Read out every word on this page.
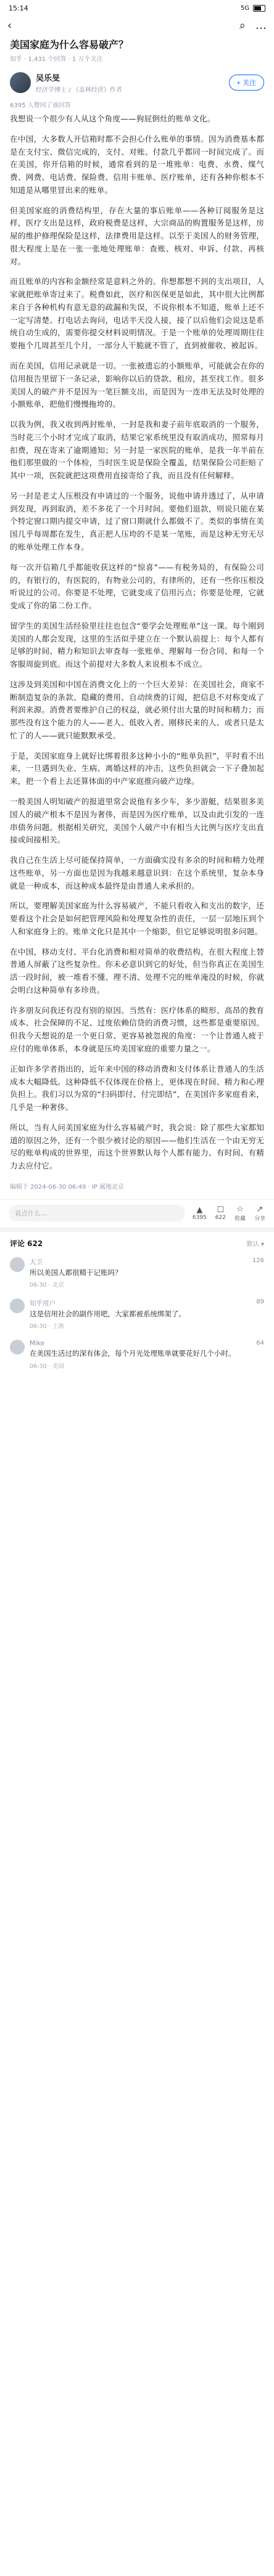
15:14	5G
‹	⌕ …
美国家庭为什么容易破产？
知乎 · 1,431 个回答 · 1 万个关注
吴乐旻
经济学博士 / 《盖林经济》作者
+ 关注
6395 人赞同了该回答

我想说一个很少有人从这个角度——狗屁倒灶的账单文化。

在中国，大多数人开信箱时都不会担心什么账单的事情。因为消费基本都是在支付宝、微信完成的，支付、对账、付款几乎都同一时间完成了。而在美国，你开信箱的时候，通常看到的是一堆账单：电费、水费、煤气费、网费、电话费、保险费、信用卡账单、医疗账单，还有各种你根本不知道是从哪里冒出来的账单。

但美国家庭的消费结构里，存在大量的事后账单——各种订阅服务是这样，医疗支出是这样，政府税费是这样，大宗商品的购置服务是这样，房屋的维护修理保险是这样，法律费用是这样。以至于美国人的财务管理，很大程度上是在一张一张地处理账单：查账、核对、申诉、付款、再核对。

而且账单的内容和金额经常是意料之外的。你想都想不到的支出项目，人家就把账单寄过来了。税费如此，医疗和医保更是如此，其中很大比例都来自于各种机构有意无意的疏漏和失误，不说你根本不知道，账单上还不一定写清楚。打电话去询问，电话半天没人接，接了以后他们会说这是系统自动生成的，需要你提交材料说明情况。于是一个账单的处理周期往往要拖个几周甚至几个月，一部分人干脆就不管了，直到被催收、被起诉。

而在美国，信用记录就是一切。一张被遗忘的小额账单，可能就会在你的信用报告里留下一条记录，影响你以后的贷款、租房，甚至找工作。很多美国人的破产并不是因为一笔巨额支出，而是因为一连串无法及时处理的小额账单，把他们慢慢拖垮的。

以我为例，我又收到两封账单，一封是我和妻子前年底取消的一个服务，当时花三个小时才完成了取消，结果它家系统里没有取消成功，照常每月扣费，现在寄来了逾期通知；另一封是一家医院的账单，是我一年半前在他们那里做的一个体检，当时医生说是保险全覆盖，结果保险公司拒赔了其中一项，医院就把这项费用直接寄给了我，而且没有任何解释。

另一封是老丈人压根没有申请过的一个服务，说他申请并透过了，从申请到发现，再到取消，差不多花了一个月时间。要他们退款，则说只能在某个特定窗口期内提交申请，过了窗口期就什么都做不了。类似的事情在美国几乎每周都在发生，真正把人压垮的不是某一笔账，而是这种无穷无尽的账单处理工作本身。

每一次开信箱几乎都能收获这样的“惊喜”——有税务局的，有保险公司的，有银行的，有医院的，有物业公司的，有律所的，还有一些你压根没听说过的公司。你要是不处理，它就变成了信用污点；你要是处理，它就变成了你的第二份工作。

留学生的美国生活经验里往往也包含“要学会处理账单”这一课。每个刚到美国的人都会发现，这里的生活似乎建立在一个默认前提上：每个人都有足够的时间、精力和知识去审查每一张账单、理解每一份合同、和每一个客服周旋到底。而这个前提对大多数人来说根本不成立。

这涉及到美国和中国在消费文化上的一个巨大差异：在美国社会，商家不断制造复杂的条款、隐藏的费用、自动续费的订阅，把信息不对称变成了利润来源。消费者要维护自己的权益，就必须付出大量的时间和精力；而那些没有这个能力的人——老人、低收入者、刚移民来的人、或者只是太忙了的人——就只能默默承受。

于是，美国家庭身上就好比绑着很多这种小小的“账单负担”，平时看不出来，一旦遇到失业、生病、离婚这样的冲击，这些负担就会一下子叠加起来，把一个看上去还算体面的中产家庭推向破产边缘。

一般美国人明知破产的报道里常会说他有多少车，多少游艇，结果很多美国人的破产根本不是因为奢侈，而是因为医疗账单，以及由此引发的一连串债务问题。根据相关研究，美国个人破产中有相当大比例与医疗支出直接或间接相关。

我自己在生活上尽可能保持简单，一方面确实没有多余的时间和精力处理这些账单，另一方面也是因为我越来越意识到：在这个系统里，复杂本身就是一种成本，而这种成本最终是由普通人来承担的。

所以，要理解美国家庭为什么容易破产，不能只看收入和支出的数字，还要看这个社会是如何把管理风险和处理复杂性的责任，一层一层地压到个人和家庭身上的。账单文化只是其中一个缩影，但它足够说明很多问题。

在中国，移动支付、平台化消费和相对简单的收费结构，在很大程度上替普通人屏蔽了这些复杂性。你未必意识到它的好处，但当你真正在美国生活一段时间，被一堆看不懂、理不清、处理不完的账单淹没的时候，你就会明白这种简单有多珍贵。

许多朋友问我还有没有别的原因。当然有：医疗体系的畸形、高昂的教育成本、社会保障的不足、过度依赖信贷的消费习惯，这些都是重要原因。但我今天想说的是一个更日常、更容易被忽视的角度：一个让普通人疲于应付的账单体系，本身就是压垮美国家庭的重要力量之一。

正如许多学者指出的，近年来中国的移动消费和支付体系让普通人的生活成本大幅降低。这种降低不仅体现在价格上，更体现在时间、精力和心理负担上。我们习以为常的“扫码即付、付完即结”，在美国许多家庭看来，几乎是一种奢侈。

所以，当有人问美国家庭为什么容易破产时，我会说：除了那些大家都知道的原因之外，还有一个很少被讨论的原因——他们生活在一个由无穷无尽的账单构成的世界里，而这个世界默认每个人都有能力、有时间、有精力去应付它。

编辑于 2024-06-30 06:49 · IP 属地北京
说点什么…	▲
6395
☐
622
☆
收藏
↗
分享
评论 622	默认 ▾
大卫
所以美国人都很精于记账吗？
06-30 · 北京
126
知乎用户
这是信用社会的副作用吧，大家都被系统绑架了。
06-30 · 上海
89
Mike
在美国生活过的深有体会，每个月光处理账单就要花好几个小时。
06-30 · 美国
64
